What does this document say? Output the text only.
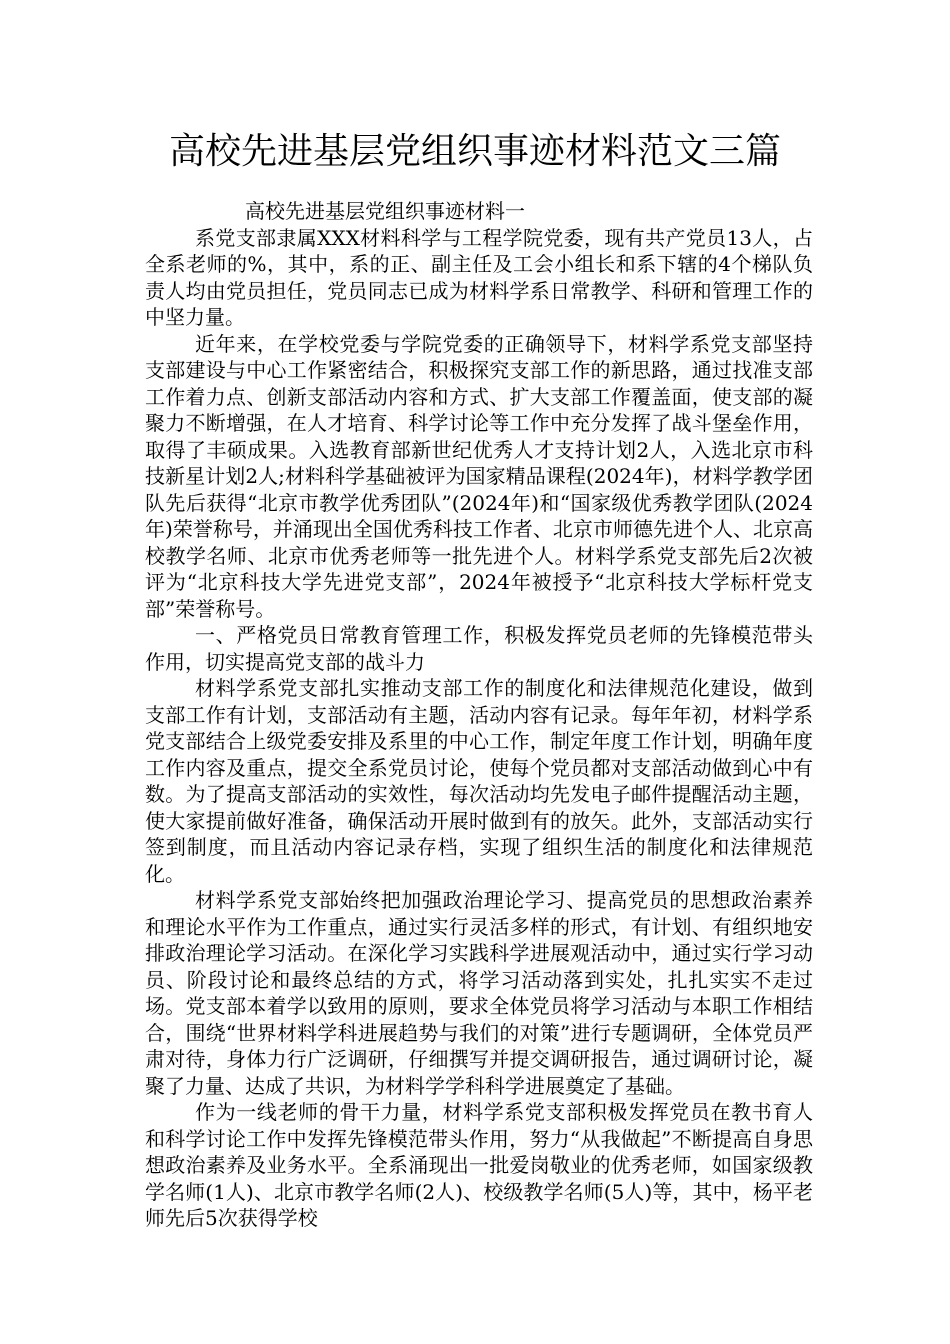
高校先进基层党组织事迹材料范文三篇

高校先进基层党组织事迹材料一

系党支部隶属XXX材料科学与工程学院党委，现有共产党员13人，占全系老师的%，其中，系的正、副主任及工会小组长和系下辖的4个梯队负责人均由党员担任，党员同志已成为材料学系日常教学、科研和管理工作的中坚力量。

近年来，在学校党委与学院党委的正确领导下，材料学系党支部坚持支部建设与中心工作紧密结合，积极探究支部工作的新思路，通过找准支部工作着力点、创新支部活动内容和方式、扩大支部工作覆盖面，使支部的凝聚力不断增强，在人才培育、科学讨论等工作中充分发挥了战斗堡垒作用，取得了丰硕成果。入选教育部新世纪优秀人才支持计划2人，入选北京市科技新星计划2人;材料科学基础被评为国家精品课程(2024年)，材料学教学团队先后获得“北京市教学优秀团队”(2024年)和“国家级优秀教学团队(2024年)荣誉称号，并涌现出全国优秀科技工作者、北京市师德先进个人、北京高校教学名师、北京市优秀老师等一批先进个人。材料学系党支部先后2次被评为“北京科技大学先进党支部”，2024年被授予“北京科技大学标杆党支部”荣誉称号。

一、严格党员日常教育管理工作，积极发挥党员老师的先锋模范带头作用，切实提高党支部的战斗力

材料学系党支部扎实推动支部工作的制度化和法律规范化建设，做到支部工作有计划，支部活动有主题，活动内容有记录。每年年初，材料学系党支部结合上级党委安排及系里的中心工作，制定年度工作计划，明确年度工作内容及重点，提交全系党员讨论，使每个党员都对支部活动做到心中有数。为了提高支部活动的实效性，每次活动均先发电子邮件提醒活动主题，使大家提前做好准备，确保活动开展时做到有的放矢。此外，支部活动实行签到制度，而且活动内容记录存档，实现了组织生活的制度化和法律规范化。

材料学系党支部始终把加强政治理论学习、提高党员的思想政治素养和理论水平作为工作重点，通过实行灵活多样的形式，有计划、有组织地安排政治理论学习活动。在深化学习实践科学进展观活动中，通过实行学习动员、阶段讨论和最终总结的方式，将学习活动落到实处，扎扎实实不走过场。党支部本着学以致用的原则，要求全体党员将学习活动与本职工作相结合，围绕“世界材料学科进展趋势与我们的对策”进行专题调研，全体党员严肃对待，身体力行广泛调研，仔细撰写并提交调研报告，通过调研讨论，凝聚了力量、达成了共识，为材料学学科科学进展奠定了基础。

作为一线老师的骨干力量，材料学系党支部积极发挥党员在教书育人和科学讨论工作中发挥先锋模范带头作用，努力“从我做起”不断提高自身思想政治素养及业务水平。全系涌现出一批爱岗敬业的优秀老师，如国家级教学名师(1人)、北京市教学名师(2人)、校级教学名师(5人)等，其中，杨平老师先后5次获得学校
